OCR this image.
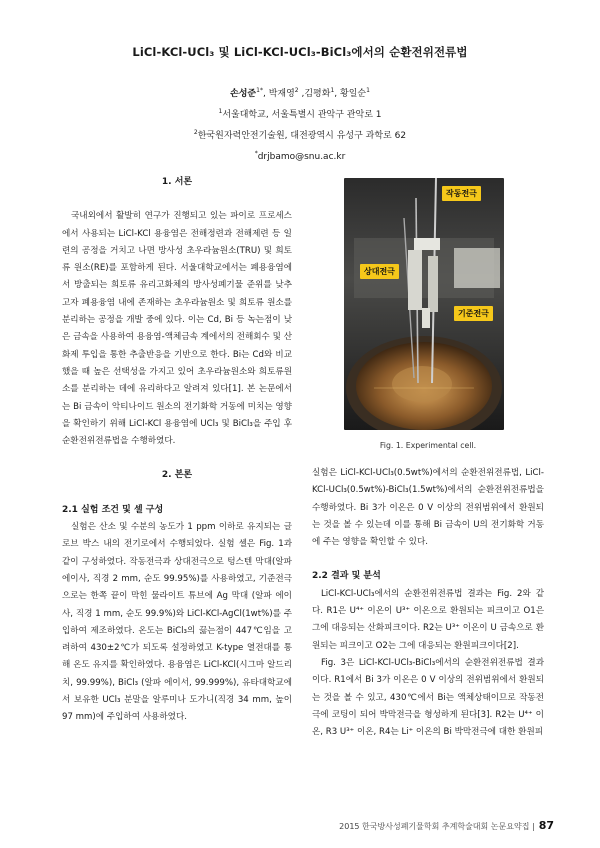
LiCl-KCl-UCl₃ 및 LiCl-KCl-UCl₃-BiCl₃에서의 순환전위전류법
손성준$^{1*}$, 박재영$^2$ ,김평화$^1$, 황일순$^1$
$^1$서울대학교, 서울특별시 관악구 관악로 1
$^2$한국원자력안전기술원, 대전광역시 유성구 과학로 62
*drjbamo@snu.ac.kr
1. 서론

국내외에서 활발히 연구가 진행되고 있는 파이로 프로세스에서 사용되는 LiCl-KCl 용융염은 전해정련과 전해제련 등 일련의 공정을 거치고 나면 방사성 초우라늄원소(TRU) 및 희토류 원소(RE)를 포함하게 된다. 서울대학교에서는 폐용융염에서 방출되는 희토류 유리고화체의 방사성폐기물 준위를 낮추고자 폐용융염 내에 존재하는 초우라늄원소 및 희토류 원소를 분리하는 공정을 개발 중에 있다. 이는 Cd, Bi 등 녹는점이 낮은 금속을 사용하여 용융염-액체금속 계에서의 전해회수 및 산화제 투입을 통한 추출반응을 기반으로 한다. Bi는 Cd와 비교했을 때 높은 선택성을 가지고 있어 초우라늄원소와 희토류원소를 분리하는 데에 유리하다고 알려져 있다[1]. 본 논문에서는 Bi 금속이 악티나이드 원소의 전기화학 거동에 미치는 영향을 확인하기 위해 LiCl-KCl 용융염에 UCl₃ 및 BiCl₃을 주입 후 순환전위전류법을 수행하였다.

2. 본론
2.1 실험 조건 및 셀 구성

실험은 산소 및 수분의 농도가 1 ppm 이하로 유지되는 글로브 박스 내의 전기로에서 수행되었다. 실험 셀은 Fig. 1과 같이 구성하였다. 작동전극과 상대전극으로 텅스텐 막대(알파 에이사, 직경 2 mm, 순도 99.95%)를 사용하였고, 기준전극으로는 한쪽 끝이 막힌 물라이트 튜브에 Ag 막대 (알파 에이사, 직경 1 mm, 순도 99.9%)와 LiCl-KCl-AgCl(1wt%)를 주입하여 제조하였다. 온도는 BiCl₃의 끓는점이 447℃임을 고려하여 430±2℃가 되도록 설정하였고 K-type 열전대를 통해 온도 유지를 확인하였다. 용융염은 LiCl-KCl(시그마 알드리치, 99.99%), BiCl₃ (알파 에이서, 99.999%), 유타대학교에서 보유한 UCl₃ 분말을 알루미나 도가니(직경 34 mm, 높이 97 mm)에 주입하여 사용하였다.

작동전극
상대전극
기준전극
Fig. 1. Experimental cell.

실험은 LiCl-KCl-UCl₃(0.5wt%)에서의 순환전위전류법, LiCl-KCl-UCl₃(0.5wt%)-BiCl₃(1.5wt%)에서의 순환전위전류법을 수행하였다. Bi 3가 이온은 0 V 이상의 전위범위에서 환원되는 것을 볼 수 있는데 이를 통해 Bi 금속이 U의 전기화학 거동에 주는 영향을 확인할 수 있다.

2.2 결과 및 분석

LiCl-KCl-UCl₃에서의 순환전위전류법 결과는 Fig. 2와 같다. R1은 U⁴⁺ 이온이 U³⁺ 이온으로 환원되는 피크이고 O1은 그에 대응되는 산화피크이다. R2는 U³⁺ 이온이 U 금속으로 환원되는 피크이고 O2는 그에 대응되는 환원피크이다[2].

Fig. 3은 LiCl-KCl-UCl₃-BiCl₃에서의 순환전위전류법 결과이다. R1에서 Bi 3가 이온은 0 V 이상의 전위범위에서 환원되는 것을 볼 수 있고, 430℃에서 Bi는 액체상태이므로 작동전극에 코팅이 되어 박막전극을 형성하게 된다[3]. R2는 U⁴⁺ 이온, R3 U³⁺ 이온, R4는 Li⁺ 이온의 Bi 박막전극에 대한 환원피

2015 한국방사성폐기물학회 추계학술대회 논문요약집 | 87
